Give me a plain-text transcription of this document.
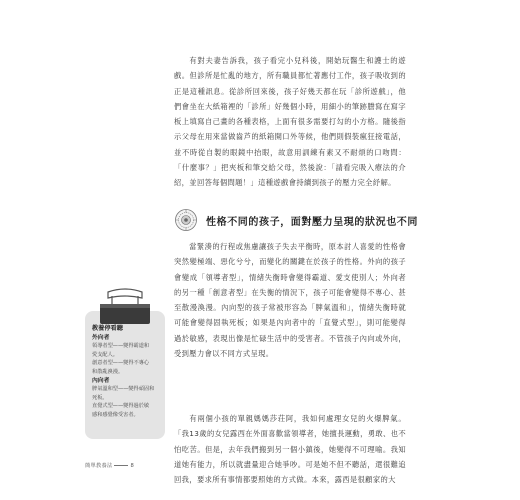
有對夫妻告訴我，孩子看完小兒科後，開始玩醫生和護士的遊戲。但診所是忙亂的地方，所有職員都忙著應付工作，孩子吸收到的正是這種訊息。從診所回來後，孩子好幾天都在玩「診所遊戲」，他們會坐在大紙箱裡的「診所」好幾個小時，用細小的筆跡謄寫在寫字板上填寫自己畫的各種表格，上面有很多需要打勾的小方格。隨後指示父母在用來當做齒芦的紙箱開口外等候，他們則假裝瘋狂接電話，並不時從自製的眼鏡中抬眼，故意用訓練有素又不耐煩的口吻問：「什麼事？」把夾板和筆交給父母，然後說：「請看完吸入療法的介紹，並回答每個問題！」這種遊戲會持續到孩子的壓力完全紓解。

性格不同的孩子，面對壓力呈現的狀況也不同

當緊湊的行程或焦慮讓孩子失去平衡時，原本討人喜愛的性格會突然變極端、惡化兮兮，而變化的關鍵在於孩子的性格。外向的孩子會變成「領導者型」，情緒失衡時會變得霸道、愛支使別人；外向者的另一種「創意者型」在失衡的情況下，孩子可能會變得不專心、甚至散漫渙漫。內向型的孩子常被形容為「脾氣溫和」，情緒失衡時就可能會變得固執死板；如果是內向者中的「直覺式型」，則可能變得過於敏感，表現出像是忙碌生活中的受害者。不管孩子內向或外向，受到壓力會以不同方式呈現。

有兩個小孩的單親媽媽莎荘阿，我如何處理女兒的火爆脾氣。「我13歲的女兒露西在外面喜歡當領導者，她擅長運動，勇敢、也不怕吃苦。但是，去年我們搬到另一個小鎮後，她變得不可理喻。我知道她有能力，所以就盡量迎合她爭吵。可是她不但不聽話，還很難追回我，要求所有事情都要照她的方式做。本來，露西是很顧家的大

教養停看聽
外向者
領導者型——變得霸道和
愛支配人。
創意者型——變得不專心
和散亂渙漫。
內向者
脾氣溫和型——變得頑固和
死板。
直覺式型——變得過於敏
感和感覺像受害者。
簡單教養法	8
